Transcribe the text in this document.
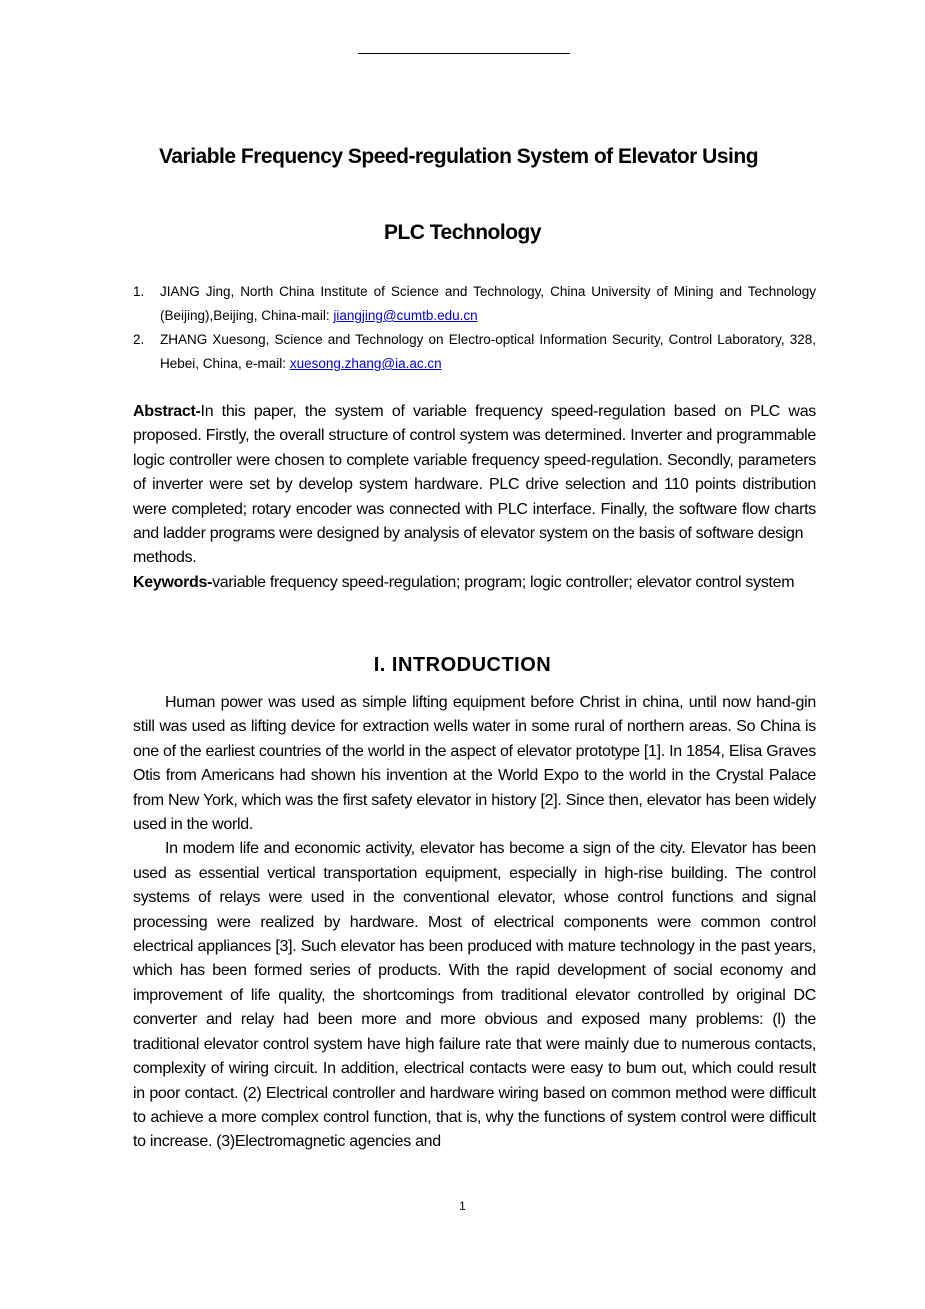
Variable Frequency Speed-regulation System of Elevator Using
PLC Technology
1.	JIANG Jing, North China Institute of Science and Technology, China University of Mining and Technology (Beijing),Beijing, China-mail: jiangjing@cumtb.edu.cn
2.	ZHANG Xuesong, Science and Technology on Electro-optical Information Security, Control Laboratory, 328, Hebei, China, e-mail: xuesong.zhang@ia.ac.cn

Abstract-In this paper, the system of variable frequency speed-regulation based on PLC was proposed. Firstly, the overall structure of control system was determined. Inverter and programmable logic controller were chosen to complete variable frequency speed-regulation. Secondly, parameters of inverter were set by develop system hardware. PLC drive selection and 110 points distribution were completed; rotary encoder was connected with PLC interface. Finally, the software flow charts and ladder programs were designed by analysis of elevator system on the basis of software design

methods.

Keywords-variable frequency speed-regulation; program; logic controller; elevator control system

I. INTRODUCTION

Human power was used as simple lifting equipment before Christ in china, until now hand-gin still was used as lifting device for extraction wells water in some rural of northern areas. So China is one of the earliest countries of the world in the aspect of elevator prototype [1]. In 1854, Elisa Graves Otis from Americans had shown his invention at the World Expo to the world in the Crystal Palace from New York, which was the first safety elevator in history [2]. Since then, elevator has been widely used in the world.

In modem life and economic activity, elevator has become a sign of the city. Elevator has been used as essential vertical transportation equipment, especially in high-rise building. The control systems of relays were used in the conventional elevator, whose control functions and signal processing were realized by hardware. Most of electrical components were common control electrical appliances [3]. Such elevator has been produced with mature technology in the past years, which has been formed series of products. With the rapid development of social economy and improvement of life quality, the shortcomings from traditional elevator controlled by original DC converter and relay had been more and more obvious and exposed many problems: (l) the traditional elevator control system have high failure rate that were mainly due to numerous contacts, complexity of wiring circuit. In addition, electrical contacts were easy to bum out, which could result in poor contact. (2) Electrical controller and hardware wiring based on common method were difficult to achieve a more complex control function, that is, why the functions of system control were difficult to increase. (3)Electromagnetic agencies and

1
